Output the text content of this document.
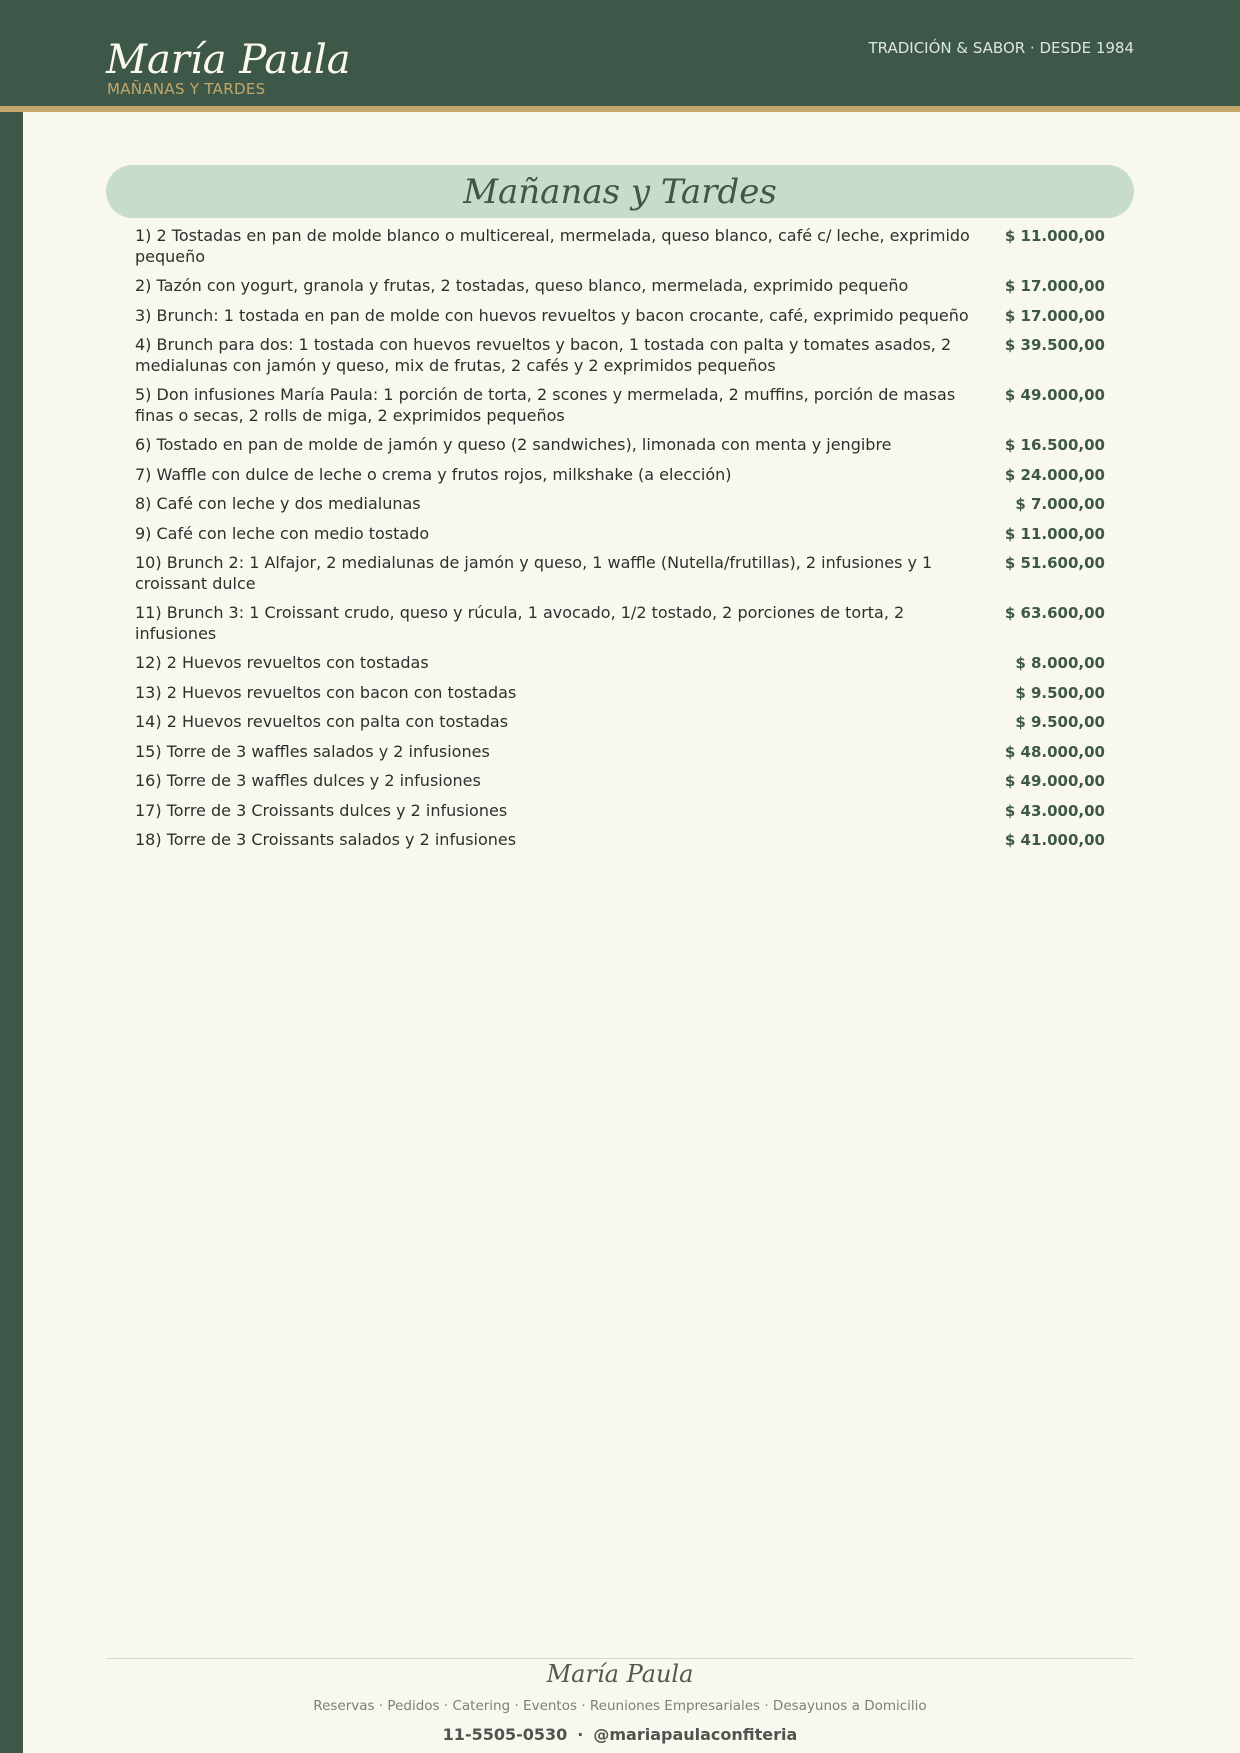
María Paula
MAÑANAS Y TARDES
TRADICIÓN & SABOR · DESDE 1984
Mañanas y Tardes
1) 2 Tostadas en pan de molde blanco o multicereal, mermelada, queso blanco, café c/ leche, exprimido pequeño
$ 11.000,00
2) Tazón con yogurt, granola y frutas, 2 tostadas, queso blanco, mermelada, exprimido pequeño	$ 17.000,00
3) Brunch: 1 tostada en pan de molde con huevos revueltos y bacon crocante, café, exprimido pequeño	$ 17.000,00
4) Brunch para dos: 1 tostada con huevos revueltos y bacon, 1 tostada con palta y tomates asados, 2 medialunas con jamón y queso, mix de frutas, 2 cafés y 2 exprimidos pequeños
$ 39.500,00
5) Don infusiones María Paula: 1 porción de torta, 2 scones y mermelada, 2 muffins, porción de masas finas o secas, 2 rolls de miga, 2 exprimidos pequeños
$ 49.000,00
6) Tostado en pan de molde de jamón y queso (2 sandwiches), limonada con menta y jengibre	$ 16.500,00
7) Waffle con dulce de leche o crema y frutos rojos, milkshake (a elección)	$ 24.000,00
8) Café con leche y dos medialunas	$ 7.000,00
9) Café con leche con medio tostado	$ 11.000,00
10) Brunch 2: 1 Alfajor, 2 medialunas de jamón y queso, 1 waffle (Nutella/frutillas), 2 infusiones y 1 croissant dulce
$ 51.600,00
11) Brunch 3: 1 Croissant crudo, queso y rúcula, 1 avocado, 1/2 tostado, 2 porciones de torta, 2 infusiones
$ 63.600,00
12) 2 Huevos revueltos con tostadas	$ 8.000,00
13) 2 Huevos revueltos con bacon con tostadas	$ 9.500,00
14) 2 Huevos revueltos con palta con tostadas	$ 9.500,00
15) Torre de 3 waffles salados y 2 infusiones	$ 48.000,00
16) Torre de 3 waffles dulces y 2 infusiones	$ 49.000,00
17) Torre de 3 Croissants dulces y 2 infusiones	$ 43.000,00
18) Torre de 3 Croissants salados y 2 infusiones	$ 41.000,00
María Paula
Reservas · Pedidos · Catering · Eventos · Reuniones Empresariales · Desayunos a Domicilio
11-5505-0530 · @mariapaulaconfiteria
